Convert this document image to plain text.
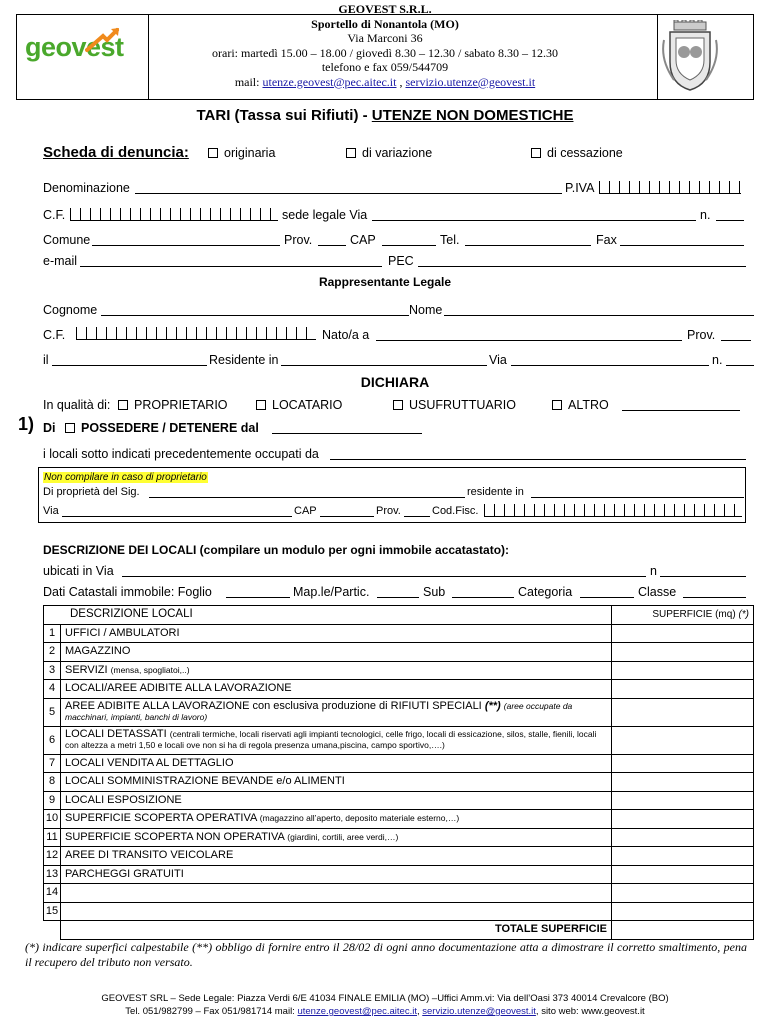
geovest
GEOVEST S.R.L.
Sportello di Nonantola (MO)
Via Marconi 36
orari: martedì 15.00 – 18.00 / giovedì 8.30 – 12.30 / sabato 8.30 – 12.30
telefono e fax 059/544709
mail: utenze.geovest@pec.aitec.it , servizio.utenze@geovest.it
TARI (Tassa sui Rifiuti) - UTENZE NON DOMESTICHE
Scheda di denuncia:	originaria	di variazione	di cessazione
Denominazione	P.IVA
C.F.	sede legale Via	n.
Comune	Prov.	CAP	Tel.	Fax
e-mail	PEC
Rappresentante Legale
Cognome	Nome
C.F.	Nato/a a	Prov.
il	Residente in	Via	n.
DICHIARA
In qualità di:	PROPRIETARIO	LOCATARIO	USUFRUTTUARIO	ALTRO
1) Di	POSSEDERE / DETENERE dal
i locali sotto indicati precedentemente occupati da
Non compilare in caso di proprietario
Di proprietà del Sig.	residente in
Via	CAP	Prov.	Cod.Fisc.
DESCRIZIONE DEI LOCALI (compilare un modulo per ogni immobile accatastato):
ubicati in Via	n
Dati Catastali immobile: Foglio	Map.le/Partic.	Sub	Categoria	Classe
DESCRIZIONE LOCALI		SUPERFICIE (mq) (*)
1	UFFICI / AMBULATORI	
2	MAGAZZINO	
3	SERVIZI (mensa, spogliatoi,..)	
4	LOCALI/AREE ADIBITE ALLA LAVORAZIONE	
5	AREE ADIBITE ALLA LAVORAZIONE con esclusiva produzione di RIFIUTI SPECIALI (**) (aree occupate da macchinari, impianti, banchi di lavoro)	
6	LOCALI DETASSATI (centrali termiche, locali riservati agli impianti tecnologici, celle frigo, locali di essicazione, silos, stalle, fienili, locali con altezza a metri 1,50 e locali ove non si ha di regola presenza umana,piscina, campo sportivo,….)	
7	LOCALI VENDITA AL DETTAGLIO	
8	LOCALI SOMMINISTRAZIONE BEVANDE e/o ALIMENTI	
9	LOCALI ESPOSIZIONE	
10	SUPERFICIE SCOPERTA OPERATIVA (magazzino all’aperto, deposito materiale esterno,…)	
11	SUPERFICIE SCOPERTA NON OPERATIVA (giardini, cortili, aree verdi,…)	
12	AREE DI TRANSITO VEICOLARE	
13	PARCHEGGI GRATUITI	
14		
15		
	TOTALE SUPERFICIE	
(*) indicare superfici calpestabile (**) obbligo di fornire entro il 28/02 di ogni anno documentazione atta a dimostrare il corretto smaltimento, pena il recupero del tributo non versato.
GEOVEST SRL – Sede Legale: Piazza Verdi 6/E 41034 FINALE EMILIA (MO) –Uffici Amm.vi: Via dell’Oasi 373 40014 Crevalcore (BO)
Tel. 051/982799 – Fax 051/981714 mail: utenze.geovest@pec.aitec.it, servizio.utenze@geovest.it, sito web: www.geovest.it
